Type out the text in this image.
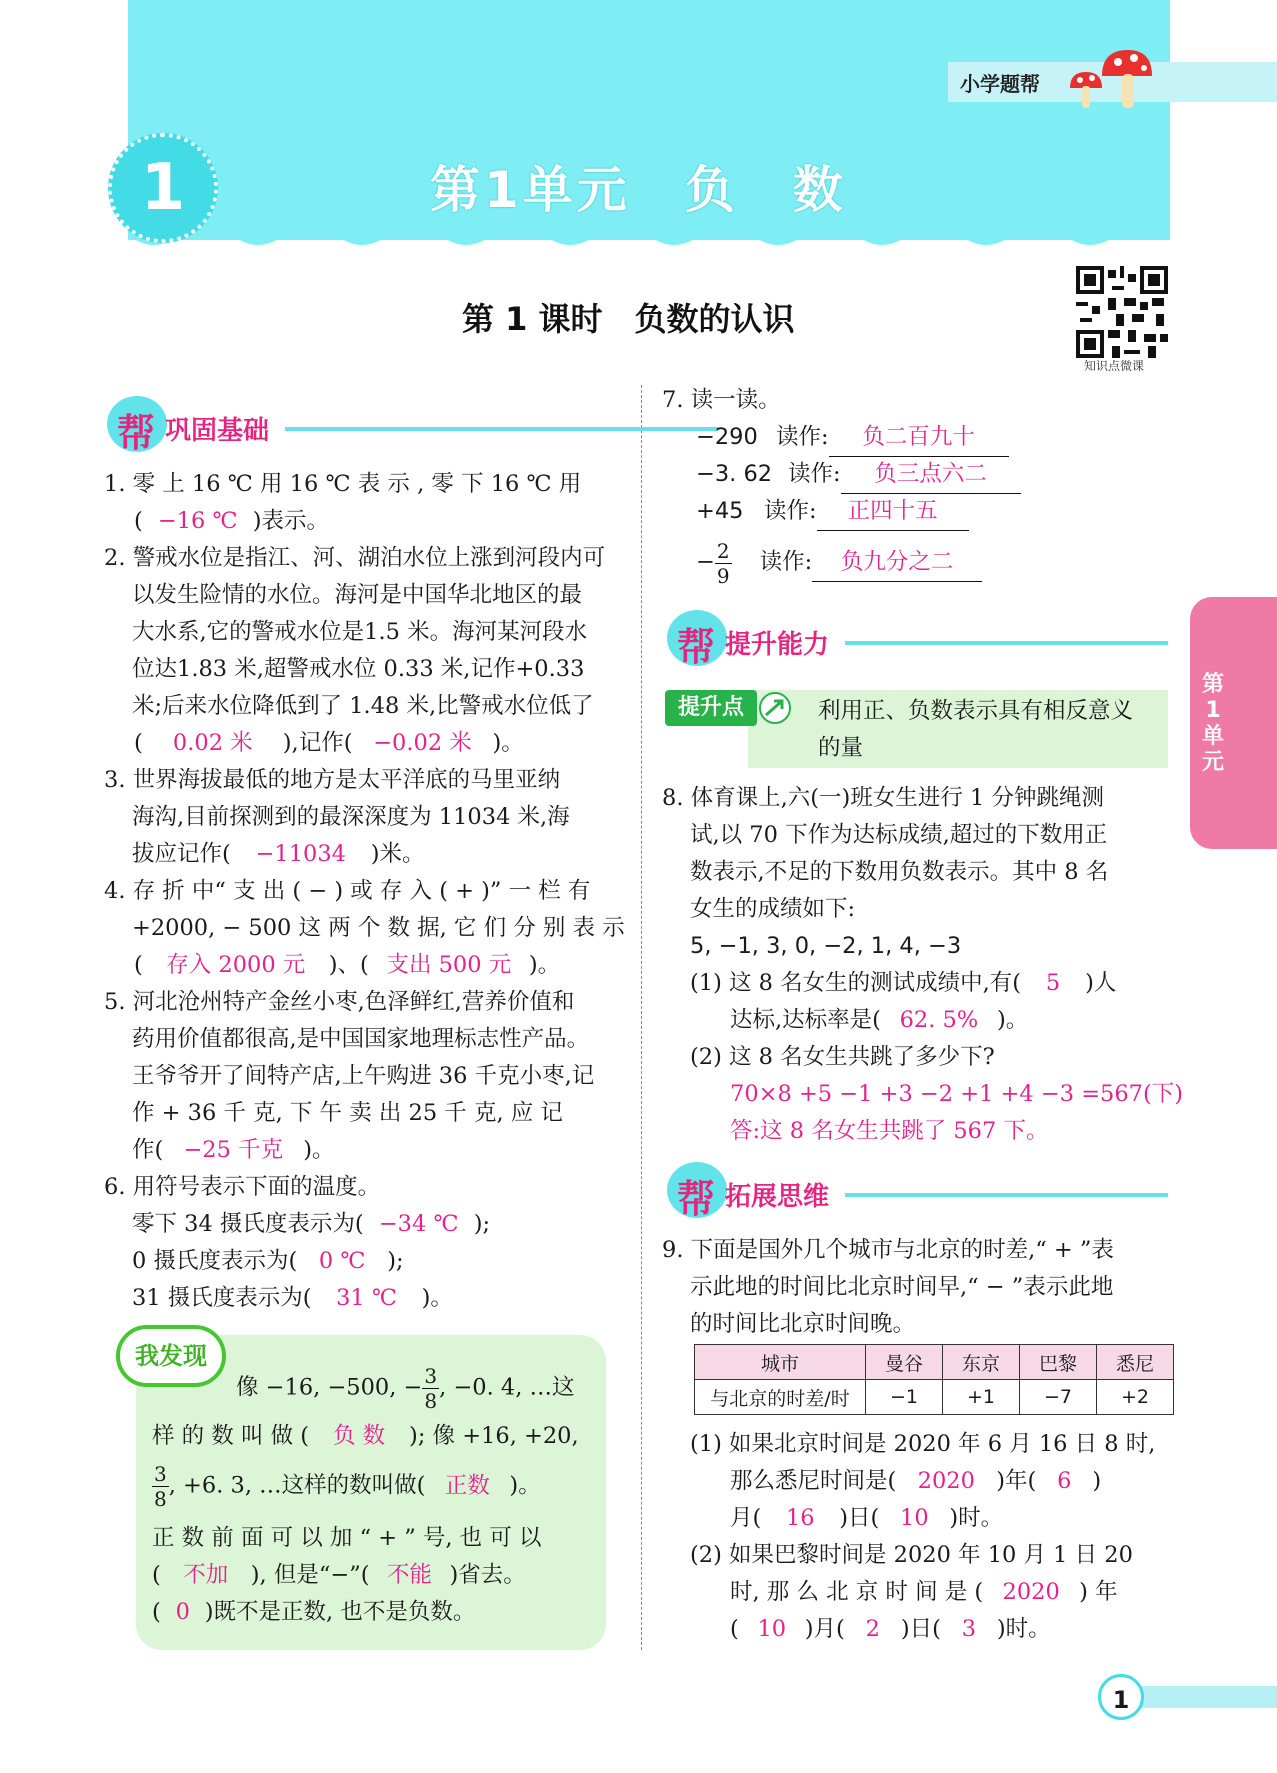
小学题帮
1	第1单元　负　数
第 1 课时　负数的认识
知识点微课
第1单元
帮 巩固基础
1. 零 上 16 ℃ 用 16 ℃ 表 示 , 零 下 16 ℃ 用
( −16 ℃ )表示。
2. 警戒水位是指江、河、湖泊水位上涨到河段内可
以发生险情的水位。海河是中国华北地区的最
大水系,它的警戒水位是1.5 米。海河某河段水
位达1.83 米,超警戒水位 0.33 米,记作+0.33
米;后来水位降低到了 1.48 米,比警戒水位低了
( 0.02 米 ),记作( −0.02 米 )。
3. 世界海拔最低的地方是太平洋底的马里亚纳
海沟,目前探测到的最深深度为 11034 米,海
拔应记作( −11034 )米。
4. 存 折 中“ 支 出 ( − ) 或 存 入 ( + )” 一 栏 有
+2000, − 500 这 两 个 数 据, 它 们 分 别 表 示
( 存入 2000 元 )、( 支出 500 元 )。
5. 河北沧州特产金丝小枣,色泽鲜红,营养价值和
药用价值都很高,是中国国家地理标志性产品。
王爷爷开了间特产店,上午购进 36 千克小枣,记
作 + 36 千 克, 下 午 卖 出 25 千 克, 应 记
作( −25 千克 )。
6. 用符号表示下面的温度。
零下 34 摄氏度表示为( −34 ℃ );
0 摄氏度表示为( 0 ℃ );
31 摄氏度表示为( 31 ℃ )。
我发现
像 −16, −500, − $\frac{3}{8}$ , −0. 4, …这
样 的 数 叫 做 ( 负 数 ); 像 +16, +20,
$\frac{3}{8}$ , +6. 3, …这样的数叫做( 正数 )。
正 数 前 面 可 以 加 “ + ” 号, 也 可 以
( 不加 ), 但是“−”( 不能 )省去。
( 0 )既不是正数, 也不是负数。
7. 读一读。
−290 读作: 负二百九十
−3. 62 读作: 负三点六二
+45 读作: 正四十五
− $\frac{2}{9}$ 读作: 负九分之二
帮 提升能力
提升点	利用正、负数表示具有相反意义
的量
8. 体育课上,六(一)班女生进行 1 分钟跳绳测
试,以 70 下作为达标成绩,超过的下数用正
数表示,不足的下数用负数表示。其中 8 名
女生的成绩如下:
5, −1, 3, 0, −2, 1, 4, −3
(1) 这 8 名女生的测试成绩中,有( 5 )人
达标,达标率是( 62. 5% )。
(2) 这 8 名女生共跳了多少下?
70×8 +5 −1 +3 −2 +1 +4 −3 =567(下)
答:这 8 名女生共跳了 567 下。
帮 拓展思维
9. 下面是国外几个城市与北京的时差,“ + ”表
示此地的时间比北京时间早,“ − ”表示此地
的时间比北京时间晚。
城市	曼谷	东京	巴黎	悉尼
与北京的时差/时	−1	+1	−7	+2
(1) 如果北京时间是 2020 年 6 月 16 日 8 时,
那么悉尼时间是( 2020 )年( 6 )
月( 16 )日( 10 )时。
(2) 如果巴黎时间是 2020 年 10 月 1 日 20
时, 那 么 北 京 时 间 是 ( 2020 ) 年
( 10 )月( 2 )日( 3 )时。
1
